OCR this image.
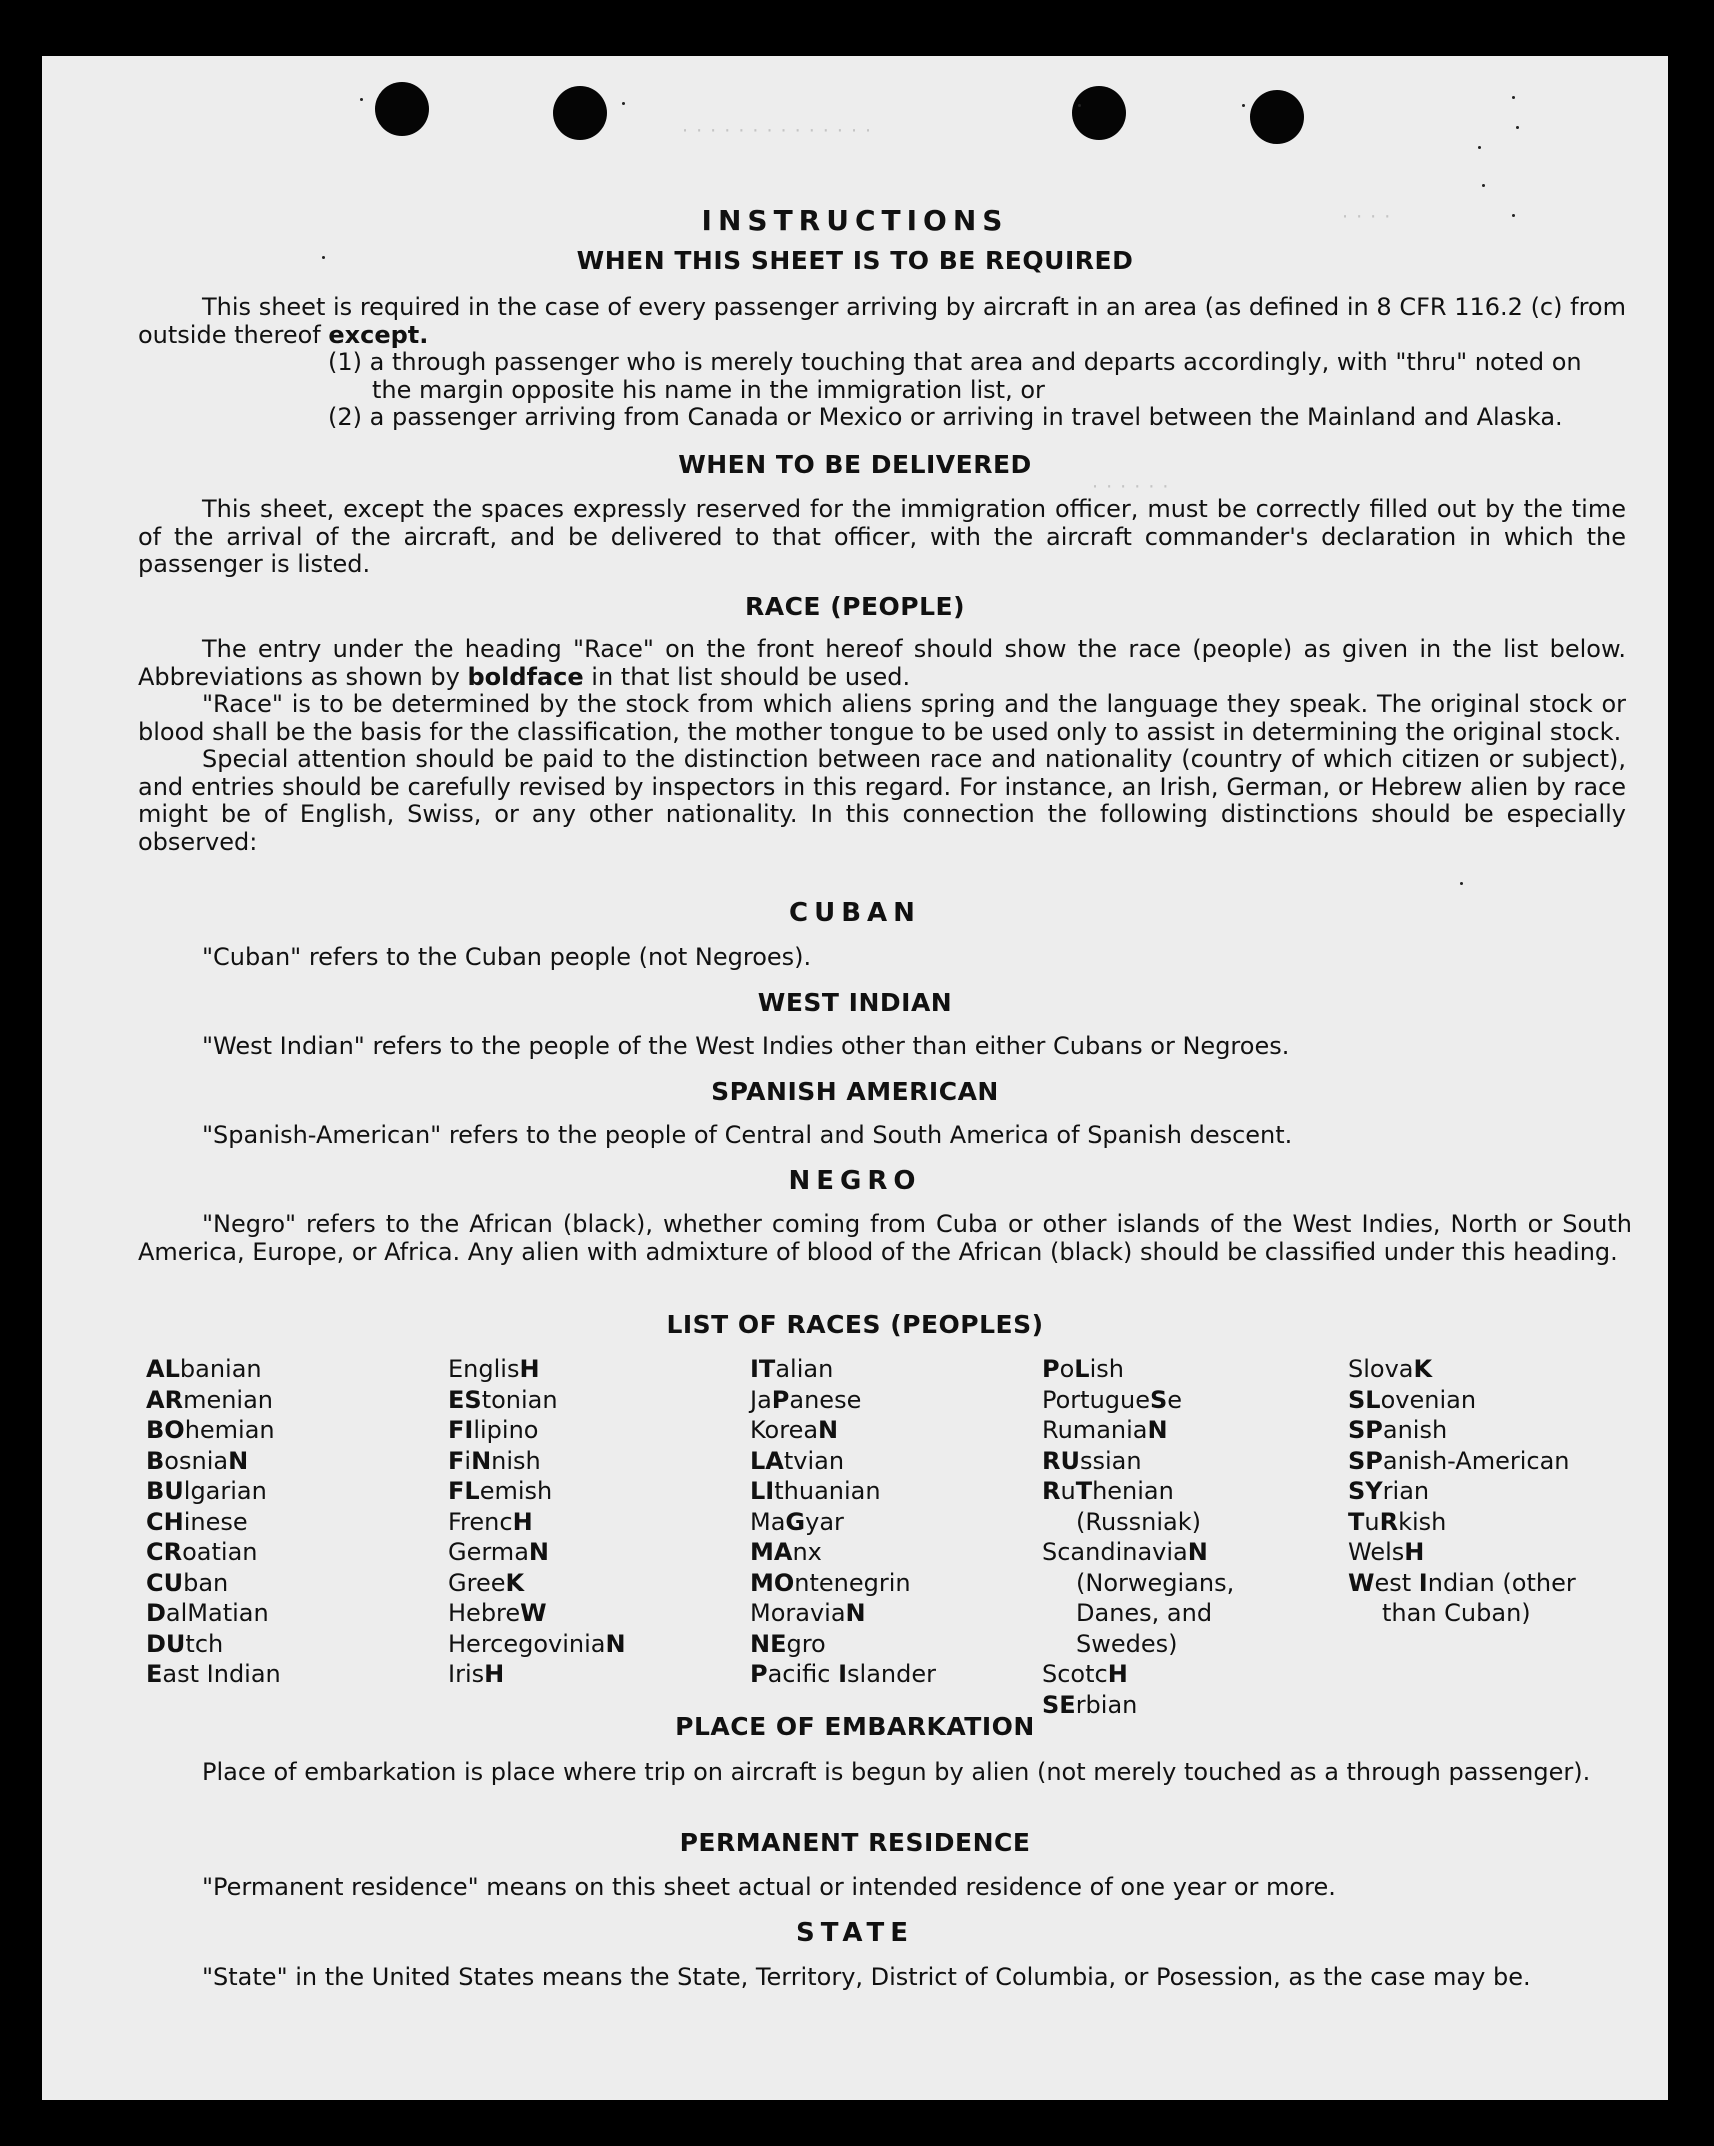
· · · · · · · · · · · · · ·
· · · ·
· · · · · ·
INSTRUCTIONS
WHEN THIS SHEET IS TO BE REQUIRED

This sheet is required in the case of every passenger arriving by aircraft in an area (as defined in 8 CFR 116.2 (c) from outside thereof except.

(1) a through passenger who is merely touching that area and departs accordingly, with "thru" noted on the margin opposite his name in the immigration list, or

(2) a passenger arriving from Canada or Mexico or arriving in travel between the Mainland and Alaska.

WHEN TO BE DELIVERED

This sheet, except the spaces expressly reserved for the immigration officer, must be correctly filled out by the time of the arrival of the aircraft, and be delivered to that officer, with the aircraft commander's declaration in which the passenger is listed.

RACE (PEOPLE)

The entry under the heading "Race" on the front hereof should show the race (people) as given in the list below. Abbreviations as shown by boldface in that list should be used.

"Race" is to be determined by the stock from which aliens spring and the language they speak. The original stock or blood shall be the basis for the classification, the mother tongue to be used only to assist in determining the original stock.

Special attention should be paid to the distinction between race and nationality (country of which citizen or subject), and entries should be carefully revised by inspectors in this regard. For instance, an Irish, German, or Hebrew alien by race might be of English, Swiss, or any other nationality. In this connection the following distinctions should be especially observed:

CUBAN

"Cuban" refers to the Cuban people (not Negroes).

WEST INDIAN

"West Indian" refers to the people of the West Indies other than either Cubans or Negroes.

SPANISH AMERICAN

"Spanish-American" refers to the people of Central and South America of Spanish descent.

NEGRO

"Negro" refers to the African (black), whether coming from Cuba or other islands of the West Indies, North or South America, Europe, or Africa. Any alien with admixture of blood of the African (black) should be classified under this heading.

LIST OF RACES (PEOPLES)
ALbanian
ARmenian
BOhemian
BosniaN
BUlgarian
CHinese
CRoatian
CUban
DalMatian
DUtch
East Indian
EnglisH
EStonian
FIlipino
FiNnish
FLemish
FrencH
GermaN
GreeK
HebreW
HercegoviniaN
IrisH
ITalian
JaPanese
KoreaN
LAtvian
LIthuanian
MaGyar
MAnx
MOntenegrin
MoraviaN
NEgro
Pacific Islander
PoLish
PortugueSe
RumaniaN
RUssian
RuThenian (Russniak)
ScandinaviaN (Norwegians, Danes, and Swedes)
ScotcH
SErbian
SlovaK
SLovenian
SPanish
SPanish-American
SYrian
TuRkish
WelsH
West Indian (other than Cuban)
PLACE OF EMBARKATION

Place of embarkation is place where trip on aircraft is begun by alien (not merely touched as a through passenger).

PERMANENT RESIDENCE

"Permanent residence" means on this sheet actual or intended residence of one year or more.

STATE

"State" in the United States means the State, Territory, District of Columbia, or Posession, as the case may be.
